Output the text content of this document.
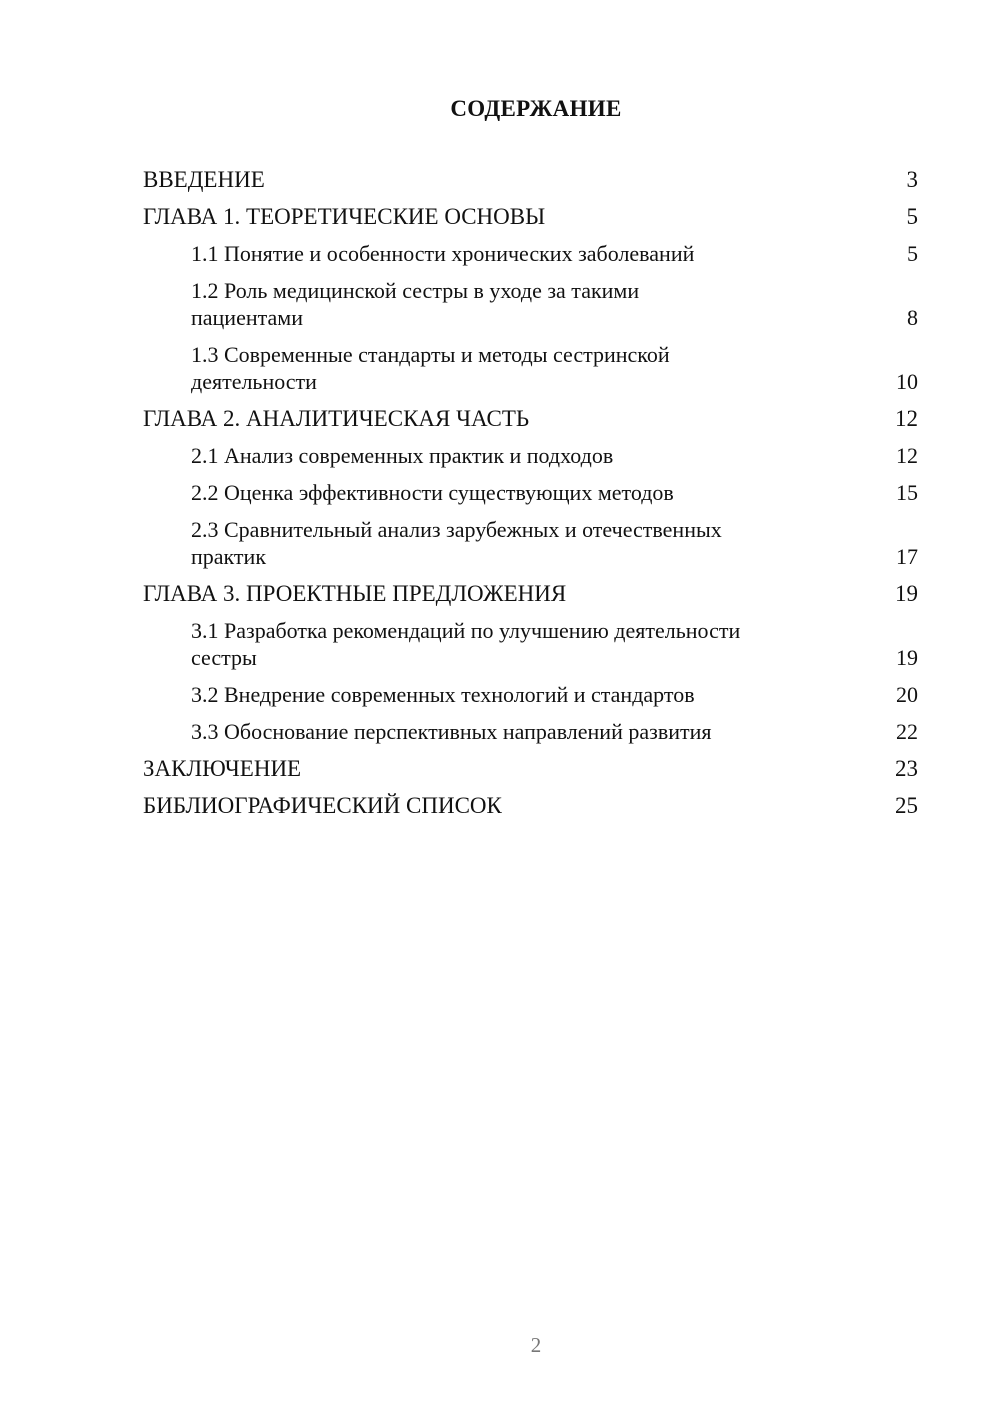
СОДЕРЖАНИЕ
ВВЕДЕНИЕ	3
ГЛАВА 1. ТЕОРЕТИЧЕСКИЕ ОСНОВЫ	5
1.1 Понятие и особенности хронических заболеваний	5
1.2 Роль медицинской сестры в уходе за такими
пациентами	8
1.3 Современные стандарты и методы сестринской
деятельности	10
ГЛАВА 2. АНАЛИТИЧЕСКАЯ ЧАСТЬ	12
2.1 Анализ современных практик и подходов	12
2.2 Оценка эффективности существующих методов	15
2.3 Сравнительный анализ зарубежных и отечественных
практик	17
ГЛАВА 3. ПРОЕКТНЫЕ ПРЕДЛОЖЕНИЯ	19
3.1 Разработка рекомендаций по улучшению деятельности
сестры	19
3.2 Внедрение современных технологий и стандартов	20
3.3 Обоснование перспективных направлений развития	22
ЗАКЛЮЧЕНИЕ	23
БИБЛИОГРАФИЧЕСКИЙ СПИСОК	25
2
